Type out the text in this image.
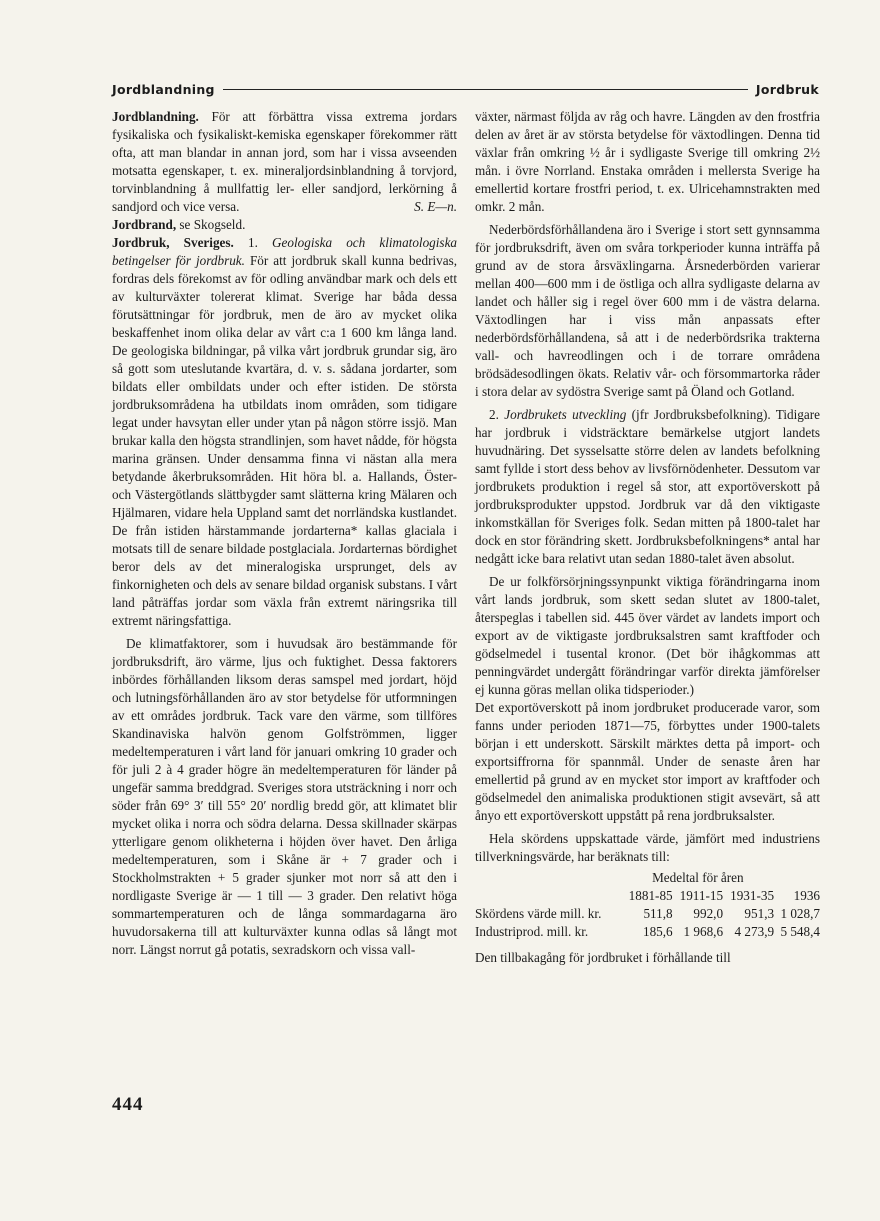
Jordblandning	Jordbruk

Jordblandning. För att förbättra vissa extrema jordars fysikaliska och fysikaliskt-kemiska egenskaper förekommer rätt ofta, att man blandar in annan jord, som har i vissa avseenden motsatta egenskaper, t. ex. mineraljordsinblandning å torvjord, torvinblandning å mullfattig ler- eller sandjord, lerkörning å sandjord och vice versa.	S. E—n.

Jordbrand, se Skogseld.

Jordbruk, Sveriges. 1. Geologiska och klimatologiska betingelser för jordbruk. För att jordbruk skall kunna bedrivas, fordras dels förekomst av för odling användbar mark och dels ett av kulturväxter tolererat klimat. Sverige har båda dessa förutsättningar för jordbruk, men de äro av mycket olika beskaffenhet inom olika delar av vårt c:a 1 600 km långa land. De geologiska bildningar, på vilka vårt jordbruk grundar sig, äro så gott som uteslutande kvartära, d. v. s. sådana jordarter, som bildats eller ombildats under och efter istiden. De största jordbruksområdena ha utbildats inom områden, som tidigare legat under havsytan eller under ytan på någon större issjö. Man brukar kalla den högsta strandlinjen, som havet nådde, för högsta marina gränsen. Under densamma finna vi nästan alla mera betydande åkerbruksområden. Hit höra bl. a. Hallands, Öster- och Västergötlands slättbygder samt slätterna kring Mälaren och Hjälmaren, vidare hela Uppland samt det norrländska kustlandet. De från istiden härstammande jordarterna* kallas glaciala i motsats till de senare bildade postglaciala. Jordarternas bördighet beror dels av det mineralogiska ursprunget, dels av finkornigheten och dels av senare bildad organisk substans. I vårt land påträffas jordar som växla från extremt näringsrika till extremt näringsfattiga.

De klimatfaktorer, som i huvudsak äro bestämmande för jordbruksdrift, äro värme, ljus och fuktighet. Dessa faktorers inbördes förhållanden liksom deras samspel med jordart, höjd och lutningsförhållanden äro av stor betydelse för utformningen av ett områdes jordbruk. Tack vare den värme, som tillföres Skandinaviska halvön genom Golfströmmen, ligger medeltemperaturen i vårt land för januari omkring 10 grader och för juli 2 à 4 grader högre än medeltemperaturen för länder på ungefär samma breddgrad. Sveriges stora utsträckning i norr och söder från 69° 3′ till 55° 20′ nordlig bredd gör, att klimatet blir mycket olika i norra och södra delarna. Dessa skillnader skärpas ytterligare genom olikheterna i höjden över havet. Den årliga medeltemperaturen, som i Skåne är + 7 grader och i Stockholmstrakten + 5 grader sjunker mot norr så att den i nordligaste Sverige är — 1 till — 3 grader. Den relativt höga sommartemperaturen och de långa sommardagarna äro huvudorsakerna till att kulturväxter kunna odlas så långt mot norr. Längst norrut gå potatis, sexradskorn och vissa vall-

växter, närmast följda av råg och havre. Längden av den frostfria delen av året är av största betydelse för växtodlingen. Denna tid växlar från omkring ½ år i sydligaste Sverige till omkring 2½ mån. i övre Norrland. Enstaka områden i mellersta Sverige ha emellertid kortare frostfri period, t. ex. Ulricehamnstrakten med omkr. 2 mån.

Nederbördsförhållandena äro i Sverige i stort sett gynnsamma för jordbruksdrift, även om svåra torkperioder kunna inträffa på grund av de stora årsväxlingarna. Årsnederbörden varierar mellan 400—600 mm i de östliga och allra sydligaste delarna av landet och håller sig i regel över 600 mm i de västra delarna. Växtodlingen har i viss mån anpassats efter nederbördsförhållandena, så att i de nederbördsrika trakterna vall- och havreodlingen och i de torrare områdena brödsädesodlingen ökats. Relativ vår- och försommartorka råder i stora delar av sydöstra Sverige samt på Öland och Gotland.

2. Jordbrukets utveckling (jfr Jordbruksbefolkning). Tidigare har jordbruk i vidsträcktare bemärkelse utgjort landets huvudnäring. Det sysselsatte större delen av landets befolkning samt fyllde i stort dess behov av livsförnödenheter. Dessutom var jordbrukets produktion i regel så stor, att exportöverskott på jordbruksprodukter uppstod. Jordbruk var då den viktigaste inkomstkällan för Sveriges folk. Sedan mitten på 1800-talet har dock en stor förändring skett. Jordbruksbefolkningens* antal har nedgått icke bara relativt utan sedan 1880-talet även absolut.

De ur folkförsörjningssynpunkt viktiga förändringarna inom vårt lands jordbruk, som skett sedan slutet av 1800-talet, återspeglas i tabellen sid. 445 över värdet av landets import och export av de viktigaste jordbruksalstren samt kraftfoder och gödselmedel i tusental kronor. (Det bör ihågkommas att penningvärdet undergått förändringar varför direkta jämförelser ej kunna göras mellan olika tidsperioder.)

Det exportöverskott på inom jordbruket producerade varor, som fanns under perioden 1871—75, förbyttes under 1900-talets början i ett underskott. Särskilt märktes detta på import- och exportsiffrorna för spannmål. Under de senaste åren har emellertid på grund av en mycket stor import av kraftfoder och gödselmedel den animaliska produktionen stigit avsevärt, så att ånyo ett exportöverskott uppstått på rena jordbruksalster.

Hela skördens uppskattade värde, jämfört med industriens tillverkningsvärde, har beräknats till:

	Medeltal för åren			
	1881-85	1911-15	1931-35	1936
Skördens värde mill. kr.	511,8	992,0	951,3	1 028,7
Industriprod. mill. kr.	185,6	1 968,6	4 273,9	5 548,4

Den tillbakagång för jordbruket i förhållande till

444
